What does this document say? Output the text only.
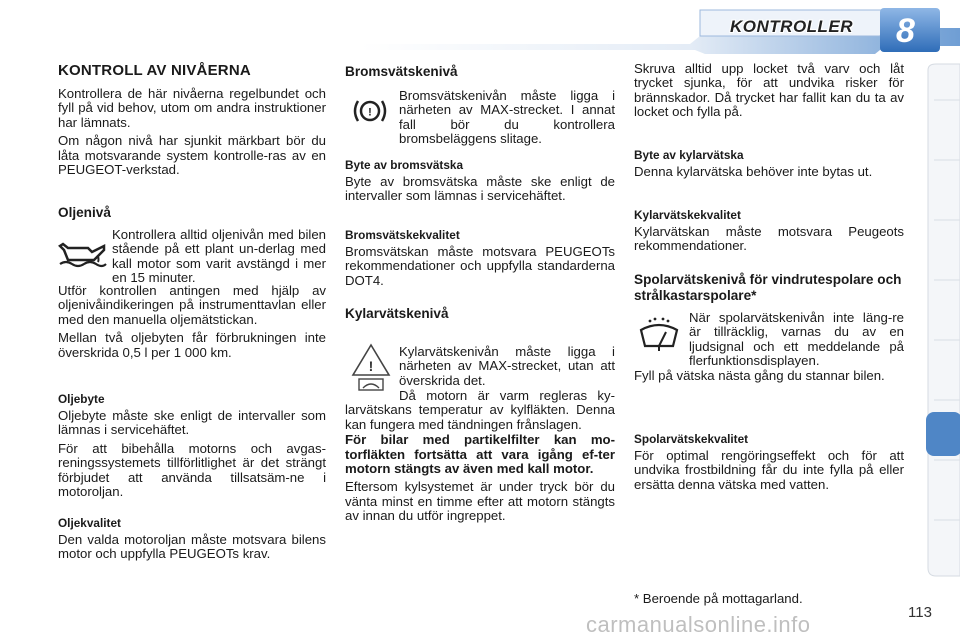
KONTROLLER 8

KONTROLL AV NIVÅERNA

Kontrollera de här nivåerna regelbundet och fyll på vid behov, utom om andra instruktioner har lämnats.

Om någon nivå har sjunkit märkbart bör du låta motsvarande system kontrolle-ras av en PEUGEOT-verkstad.

Oljenivå

Kontrollera alltid oljenivån med bilen stående på ett plant un-derlag med kall motor som varit avstängd i mer en 15 minuter.

Utför kontrollen antingen med hjälp av oljenivåindikeringen på instrumenttavlan eller med den manuella oljemätstickan.

Mellan två oljebyten får förbrukningen inte överskrida 0,5 l per 1 000 km.

Oljebyte

Oljebyte måste ske enligt de intervaller som lämnas i servicehäftet.

För att bibehålla motorns och avgas-reningssystemets tillförlitlighet är det strängt förbjudet att använda tillsatsäm-ne i motoroljan.

Oljekvalitet

Den valda motoroljan måste motsvara bilens motor och uppfylla PEUGEOTs krav.

Bromsvätskenivå

!

Bromsvätskenivån måste ligga i närheten av MAX-strecket. I annat fall bör du kontrollera bromsbeläggens slitage.

Byte av bromsvätska

Byte av bromsvätska måste ske enligt de intervaller som lämnas i servicehäftet.

Bromsvätskekvalitet

Bromsvätskan måste motsvara PEUGEOTs rekommendationer och uppfylla standarderna DOT4.

Kylarvätskenivå

!

Kylarvätskenivån måste ligga i närheten av MAX-strecket, utan att överskrida det.

Då motorn är varm regleras ky-larvätskans temperatur av kylfläkten. Denna kan fungera med tändningen frånslagen.

För bilar med partikelfilter kan mo-torfläkten fortsätta att vara igång ef-ter motorn stängts av även med kall motor.

Eftersom kylsystemet är under tryck bör du vänta minst en timme efter att motorn stängts av innan du utför ingreppet.

Skruva alltid upp locket två varv och låt trycket sjunka, för att undvika risker för brännskador. Då trycket har fallit kan du ta av locket och fylla på.

Byte av kylarvätska

Denna kylarvätska behöver inte bytas ut.

Kylarvätskekvalitet

Kylarvätskan måste motsvara Peugeots rekommendationer.

Spolarvätskenivå för vindrutespolare och strålkastarspolare*

När spolarvätskenivån inte läng-re är tillräcklig, varnas du av en ljudsignal och ett meddelande på flerfunktionsdisplayen.

Fyll på vätska nästa gång du stannar bilen.

Spolarvätskekvalitet

För optimal rengöringseffekt och för att undvika frostbildning får du inte fylla på eller ersätta denna vätska med vatten.

* Beroende på mottagarland.

carmanualsonline.info	113
